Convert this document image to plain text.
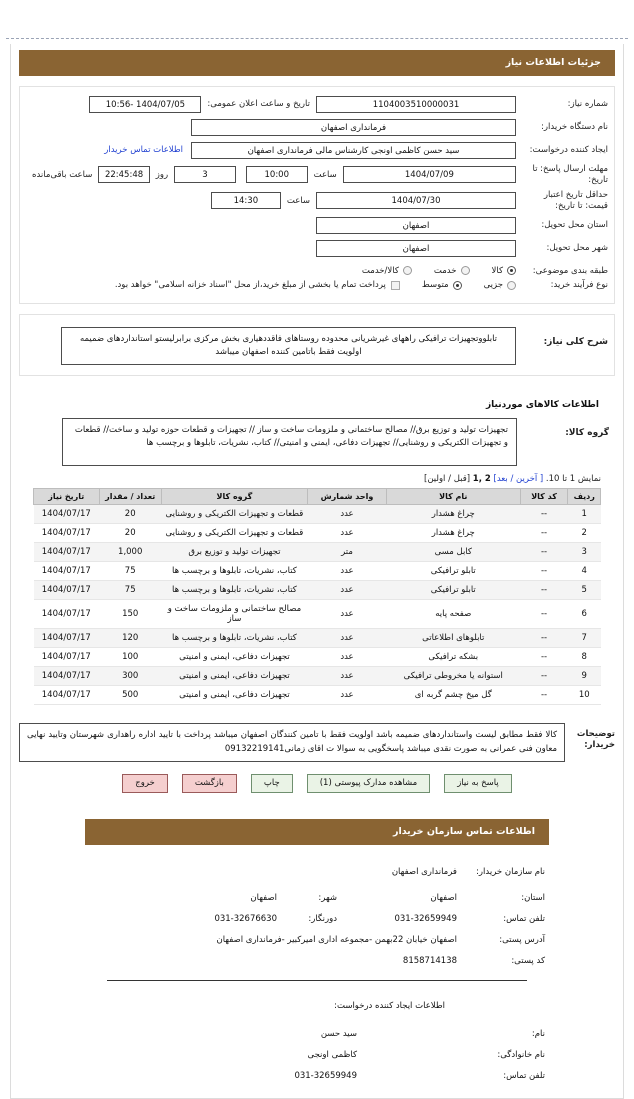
جزئیات اطلاعات نیاز
شماره نیاز:
1104003510000031
تاریخ و ساعت اعلان عمومی:
1404/07/05 -10:56
نام دستگاه خریدار:
فرمانداری اصفهان
ایجاد کننده درخواست:
سید حسن کاظمی اونجی کارشناس مالی فرمانداری اصفهان
اطلاعات تماس خریدار
مهلت ارسال پاسخ: تا تاریخ:
1404/07/09
ساعت
10:00
3
روز
22:45:48
ساعت باقی‌مانده
حداقل تاریخ اعتبار قیمت: تا تاریخ:
1404/07/30
ساعت
14:30
استان محل تحویل:
اصفهان
شهر محل تحویل:
اصفهان
طبقه بندی موضوعی:
کالا
خدمت
کالا/خدمت
نوع فرآیند خرید:
جزیی
متوسط
پرداخت تمام یا بخشی از مبلغ خرید،از محل "اسناد خزانه اسلامی" خواهد بود.
شرح کلی نیاز:
تابلووتجهیزات ترافیکی راههای غیرشریانی محدوده روستاهای فاقددهیاری بخش مرکزی برابرلیستو استانداردهای ضمیمه اولویت فقط باتامین کننده اصفهان میباشد
اطلاعات کالاهای موردنیاز
گروه کالا:
تجهیزات تولید و توزیع برق// مصالح ساختمانی و ملزومات ساخت و ساز // تجهیزات و قطعات حوزه تولید و ساخت// قطعات و تجهیزات الکتریکی و روشنایی// تجهیزات دفاعی، ایمنی و امنیتی// کتاب، نشریات، تابلوها و برچسب ها
نمایش 1 تا 10. [ آخرین / بعد] 2 ,1 [قبل / اولین]
ردیف	کد کالا	نام کالا	واحد شمارش	گروه کالا	تعداد / مقدار	تاریخ نیاز
1	--	چراغ هشدار	عدد	قطعات و تجهیزات الکتریکی و روشنایی	20	1404/07/17
2	--	چراغ هشدار	عدد	قطعات و تجهیزات الکتریکی و روشنایی	20	1404/07/17
3	--	کابل مسی	متر	تجهیزات تولید و توزیع برق	1,000	1404/07/17
4	--	تابلو ترافیکی	عدد	کتاب، نشریات، تابلوها و برچسب ها	75	1404/07/17
5	--	تابلو ترافیکی	عدد	کتاب، نشریات، تابلوها و برچسب ها	75	1404/07/17
6	--	صفحه پایه	عدد	مصالح ساختمانی و ملزومات ساخت و ساز	150	1404/07/17
7	--	تابلوهای اطلاعاتی	عدد	کتاب، نشریات، تابلوها و برچسب ها	120	1404/07/17
8	--	بشکه ترافیکی	عدد	تجهیزات دفاعی، ایمنی و امنیتی	100	1404/07/17
9	--	استوانه یا مخروطی ترافیکی	عدد	تجهیزات دفاعی، ایمنی و امنیتی	300	1404/07/17
10	--	گل میخ چشم گربه ای	عدد	تجهیزات دفاعی، ایمنی و امنیتی	500	1404/07/17
توضیحات خریدار:
کالا فقط مطابق لیست واستانداردهای ضمیمه باشد اولویت فقط با تامین کنندگان اصفهان میباشد پرداخت با تایید اداره راهداری شهرستان وتایید نهایی معاون فنی عمرانی به صورت نقدی میباشد پاسخگویی به سوالا ت اقای زمانی09132219141
پاسخ به نیاز
مشاهده مدارک پیوستی (1)
چاپ
بازگشت
خروج
اطلاعات تماس سازمان خریدار
نام سازمان خریدار:
فرمانداری اصفهان
استان:
اصفهان
شهر:
اصفهان
تلفن تماس:
031-32659949
دورنگار:
031-32676630
آدرس پستی:
اصفهان خیابان 22بهمن -مجموعه اداری امیرکبیر -فرمانداری اصفهان
کد پستی:
8158714138
اطلاعات ایجاد کننده درخواست:
نام:
سید حسن
نام خانوادگی:
کاظمی اونجی
تلفن تماس:
031-32659949
